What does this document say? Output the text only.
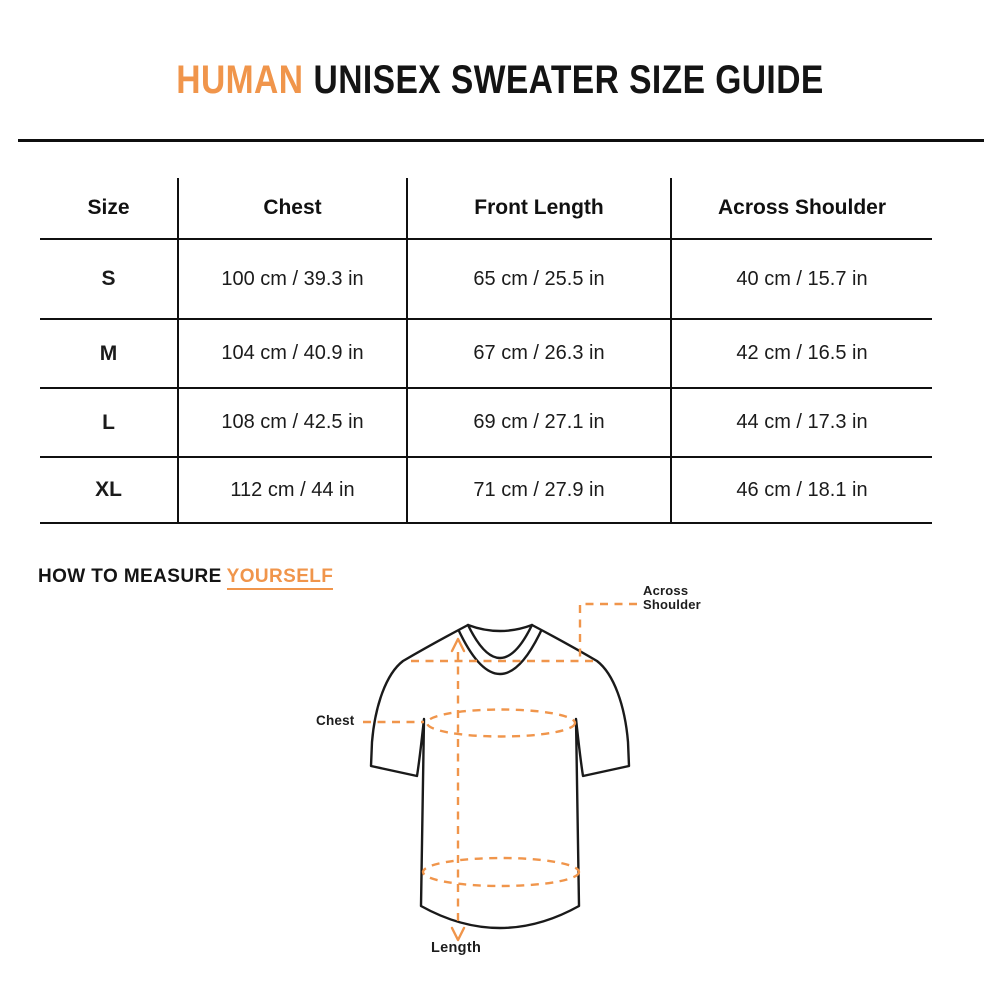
HUMAN UNISEX SWEATER SIZE GUIDE
Size	Chest	Front Length	Across Shoulder
S	100 cm / 39.3 in	65 cm / 25.5 in	40 cm / 15.7 in
M	104 cm / 40.9 in	67 cm / 26.3 in	42 cm / 16.5 in
L	108 cm / 42.5 in	69 cm / 27.1 in	44 cm / 17.3 in
XL	112 cm / 44 in	71 cm / 27.9 in	46 cm / 18.1 in
HOW TO MEASURE YOURSELF
Across Shoulder
Chest
Length
